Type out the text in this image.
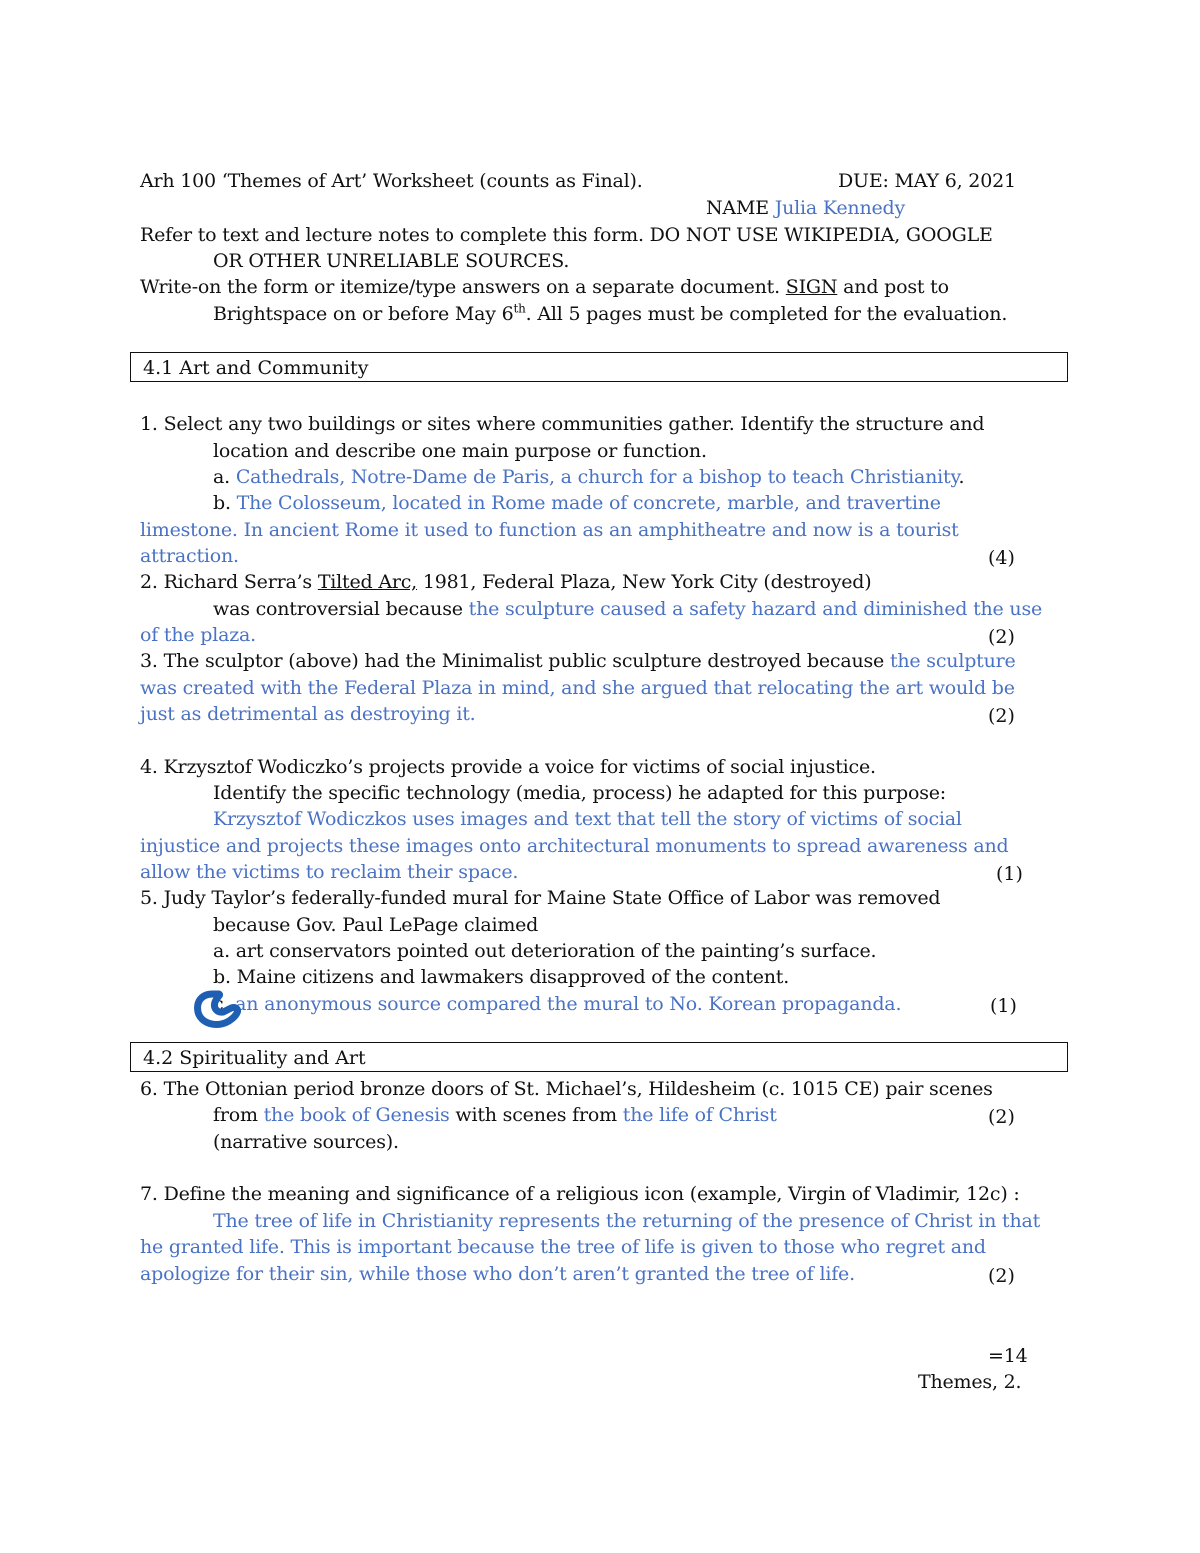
Arh 100 ‘Themes of Art’ Worksheet (counts as Final).	DUE: MAY 6, 2021
NAME Julia Kennedy
Refer to text and lecture notes to complete this form. DO NOT USE WIKIPEDIA, GOOGLE
OR OTHER UNRELIABLE SOURCES.
Write-on the form or itemize/type answers on a separate document. SIGN and post to
Brightspace on or before May 6th. All 5 pages must be completed for the evaluation.
4.1 Art and Community
1. Select any two buildings or sites where communities gather. Identify the structure and
location and describe one main purpose or function.
a. Cathedrals, Notre-Dame de Paris, a church for a bishop to teach Christianity.
b. The Colosseum, located in Rome made of concrete, marble, and travertine
limestone. In ancient Rome it used to function as an amphitheatre and now is a tourist
attraction.	(4)
2. Richard Serra’s Tilted Arc, 1981, Federal Plaza, New York City (destroyed)
was controversial because the sculpture caused a safety hazard and diminished the use
of the plaza.	(2)
3. The sculptor (above) had the Minimalist public sculpture destroyed because the sculpture
was created with the Federal Plaza in mind, and she argued that relocating the art would be
just as detrimental as destroying it.	(2)
4. Krzysztof Wodiczko’s projects provide a voice for victims of social injustice.
Identify the specific technology (media, process) he adapted for this purpose:
Krzysztof Wodiczkos uses images and text that tell the story of victims of social
injustice and projects these images onto architectural monuments to spread awareness and
allow the victims to reclaim their space.	(1)
5. Judy Taylor’s federally-funded mural for Maine State Office of Labor was removed
because Gov. Paul LePage claimed
a. art conservators pointed out deterioration of the painting’s surface.
b. Maine citizens and lawmakers disapproved of the content.
c. an anonymous source compared the mural to No. Korean propaganda.	(1)
4.2 Spirituality and Art
6. The Ottonian period bronze doors of St. Michael’s, Hildesheim (c. 1015 CE) pair scenes
from the book of Genesis with scenes from the life of Christ	(2)
(narrative sources).
7. Define the meaning and significance of a religious icon (example, Virgin of Vladimir, 12c) :
The tree of life in Christianity represents the returning of the presence of Christ in that
he granted life. This is important because the tree of life is given to those who regret and
apologize for their sin, while those who don’t aren’t granted the tree of life.	(2)
=14
Themes, 2.
